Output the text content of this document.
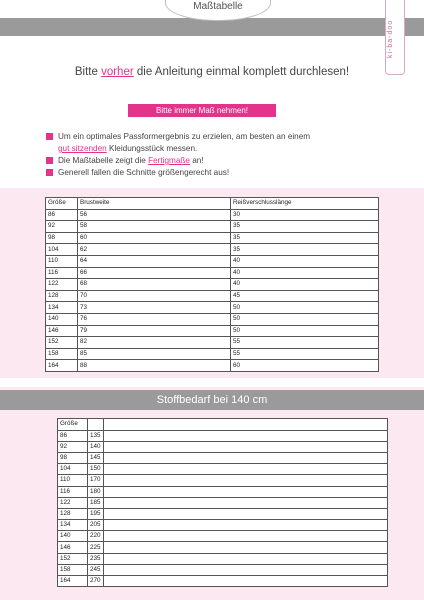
Maßtabelle
ki-ba-doo
Bitte vorher die Anleitung einmal komplett durchlesen!
Bitte immer Maß nehmen!
Um ein optimales Passformergebnis zu erzielen, am besten an einem
gut sitzenden Kleidungsstück messen.
Die Maßtabelle zeigt die Fertigmaße an!
Generell fallen die Schnitte größengerecht aus!
Größe	Brustweite	Reißverschlusslänge
86	56	30
92	58	35
98	60	35
104	62	35
110	64	40
116	66	40
122	68	40
128	70	45
134	73	50
140	76	50
146	79	50
152	82	55
158	85	55
164	88	60
Stoffbedarf bei 140 cm
Größe		
86	135	
92	140	
98	145	
104	150	
110	170	
116	180	
122	185	
128	195	
134	205	
140	220	
146	225	
152	235	
158	245	
164	270	
